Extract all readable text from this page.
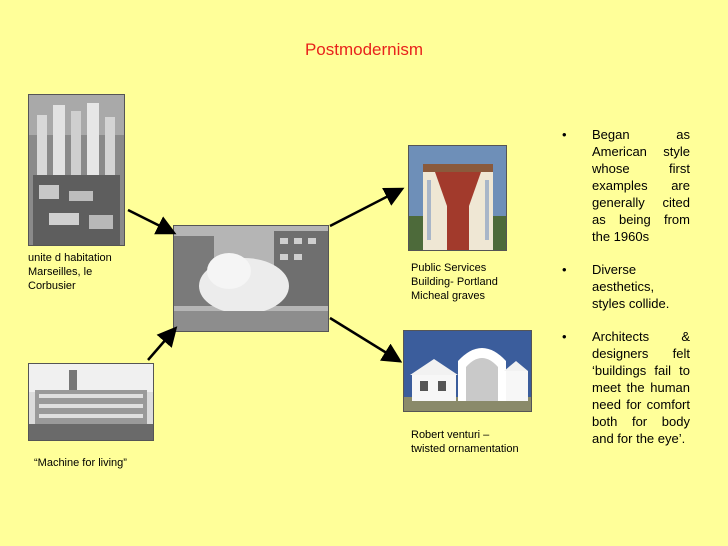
Postmodernism
unite d habitation Marseilles, le Corbusier
“Machine for living”
Public Services Building- Portland Micheal graves
Robert venturi – twisted ornamentation
• Began as American style whose first examples are generally cited as being from the 1960s
• Diverse aesthetics, styles collide.
• Architects & designers felt ‘buildings fail to meet the human need for comfort both for body and for the eye’.
